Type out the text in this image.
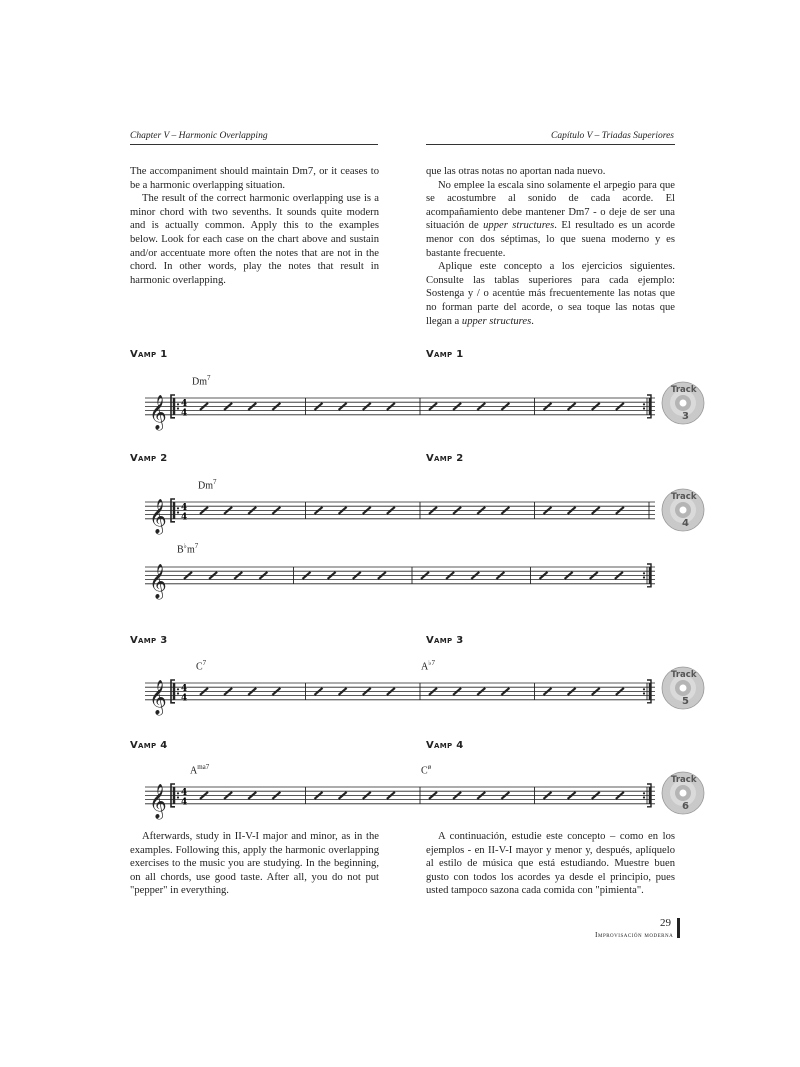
Chapter V – Harmonic Overlapping	Capítulo V – Triadas Superiores

The accompaniment should maintain Dm7, or it ceases to be a harmonic overlapping situation.

The result of the correct harmonic overlapping use is a minor chord with two sevenths. It sounds quite modern and is actually common. Apply this to the examples below. Look for each case on the chart above and sustain and/or accentuate more often the notes that are not in the chord. In other words, play the notes that result in harmonic overlapping.

que las otras notas no aportan nada nuevo.

No emplee la escala sino solamente el arpegio para que se acostumbre al sonido de cada acorde. El acompañamiento debe mantener Dm7 - o deje de ser una situación de upper structures. El resultado es un acorde menor con dos séptimas, lo que suena moderno y es bastante frecuente.

Aplique este concepto a los ejercicios siguientes. Consulte las tablas superiores para cada ejemplo: Sostenga y / o acentúe más frecuentemente las notas que no forman parte del acorde, o sea toque las notas que llegan a upper structures.

Vamp 1	Vamp 1
Vamp 2	Vamp 2
Vamp 3	Vamp 3
Vamp 4	Vamp 4
Dm$^7$
Dm$^7$
$B^♭m^7$
$C^7$	$A^{♭7}$
$A^{ma7}$	$C^ø$
𝄞 4
4
𝄞 4
4
𝄞
𝄞 4
4
𝄞 4
4
Track
3
Track
4
Track
5
Track
6

Afterwards, study in II-V-I major and minor, as in the examples. Following this, apply the harmonic overlapping exercises to the music you are studying. In the beginning, on all chords, use good taste. After all, you do not put "pepper" in everything.

A continuación, estudie este concepto – como en los ejemplos - en II-V-I mayor y menor y, después, aplíquelo al estilo de música que está estudiando. Muestre buen gusto con todos los acordes ya desde el principio, pues usted tampoco sazona cada comida con "pimienta".

29
Improvisación moderna
